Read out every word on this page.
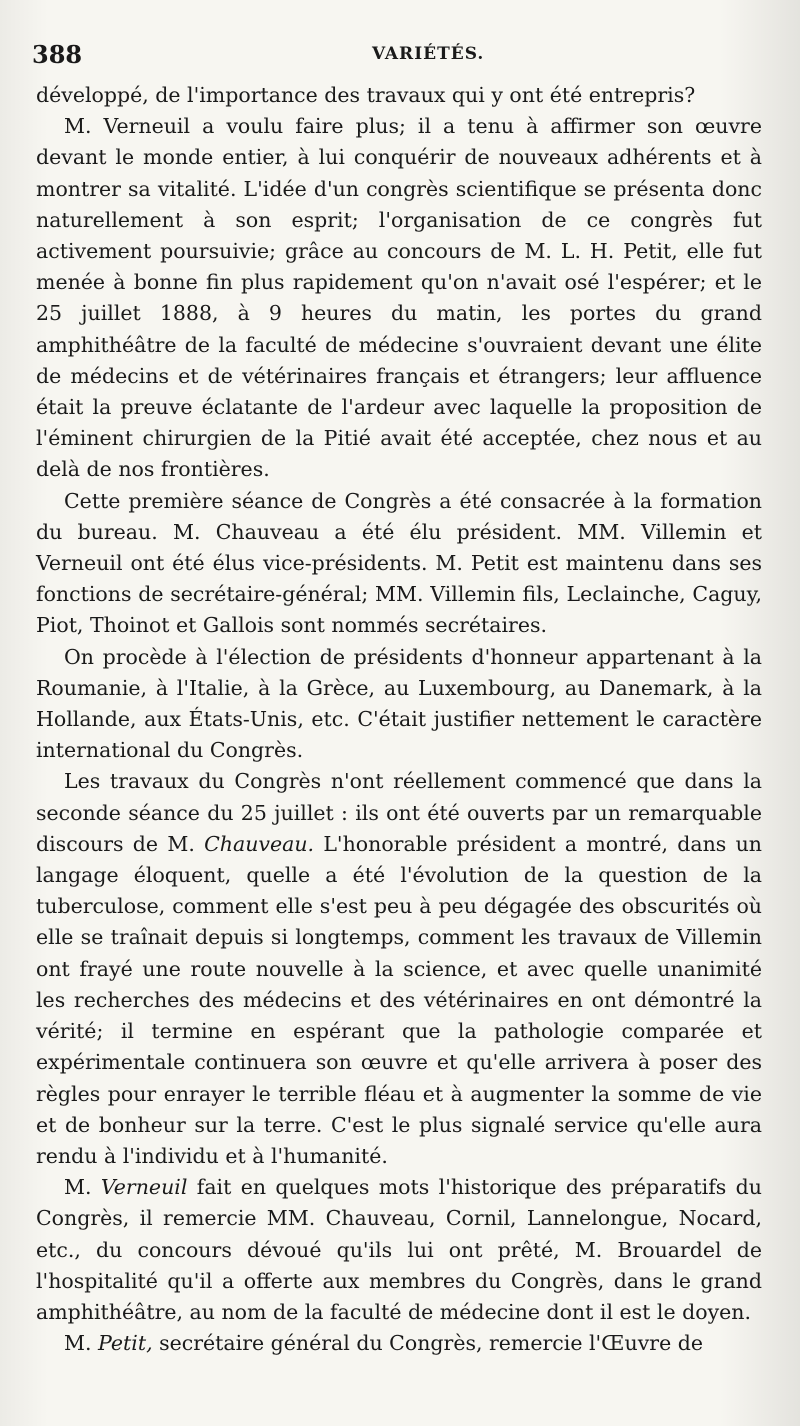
388	VARIÉTÉS.

développé, de l'importance des travaux qui y ont été entrepris?

M. Verneuil a voulu faire plus; il a tenu à affirmer son œuvre devant le monde entier, à lui conquérir de nouveaux adhérents et à montrer sa vitalité. L'idée d'un congrès scientifique se présenta donc naturellement à son esprit; l'organisation de ce congrès fut activement poursuivie; grâce au concours de M. L. H. Petit, elle fut menée à bonne fin plus rapidement qu'on n'avait osé l'espérer; et le 25 juillet 1888, à 9 heures du matin, les portes du grand amphithéâtre de la faculté de médecine s'ouvraient devant une élite de médecins et de vétérinaires français et étrangers; leur affluence était la preuve éclatante de l'ardeur avec laquelle la proposition de l'éminent chirurgien de la Pitié avait été acceptée, chez nous et au delà de nos frontières.

Cette première séance de Congrès a été consacrée à la formation du bureau. M. Chauveau a été élu président. MM. Villemin et Verneuil ont été élus vice-présidents. M. Petit est maintenu dans ses fonctions de secrétaire-général; MM. Villemin fils, Leclainche, Caguy, Piot, Thoinot et Gallois sont nommés secrétaires.

On procède à l'élection de présidents d'honneur appartenant à la Roumanie, à l'Italie, à la Grèce, au Luxembourg, au Danemark, à la Hollande, aux États-Unis, etc. C'était justifier nettement le caractère international du Congrès.

Les travaux du Congrès n'ont réellement commencé que dans la seconde séance du 25 juillet : ils ont été ouverts par un remarquable discours de M. Chauveau. L'honorable président a montré, dans un langage éloquent, quelle a été l'évolution de la question de la tuberculose, comment elle s'est peu à peu dégagée des obscurités où elle se traînait depuis si longtemps, comment les travaux de Villemin ont frayé une route nouvelle à la science, et avec quelle unanimité les recherches des médecins et des vétérinaires en ont démontré la vérité; il termine en espérant que la pathologie comparée et expérimentale continuera son œuvre et qu'elle arrivera à poser des règles pour enrayer le terrible fléau et à augmenter la somme de vie et de bonheur sur la terre. C'est le plus signalé service qu'elle aura rendu à l'individu et à l'humanité.

M. Verneuil fait en quelques mots l'historique des préparatifs du Congrès, il remercie MM. Chauveau, Cornil, Lannelongue, Nocard, etc., du concours dévoué qu'ils lui ont prêté, M. Brouardel de l'hospitalité qu'il a offerte aux membres du Congrès, dans le grand amphithéâtre, au nom de la faculté de médecine dont il est le doyen.

M. Petit, secrétaire général du Congrès, remercie l'Œuvre de
